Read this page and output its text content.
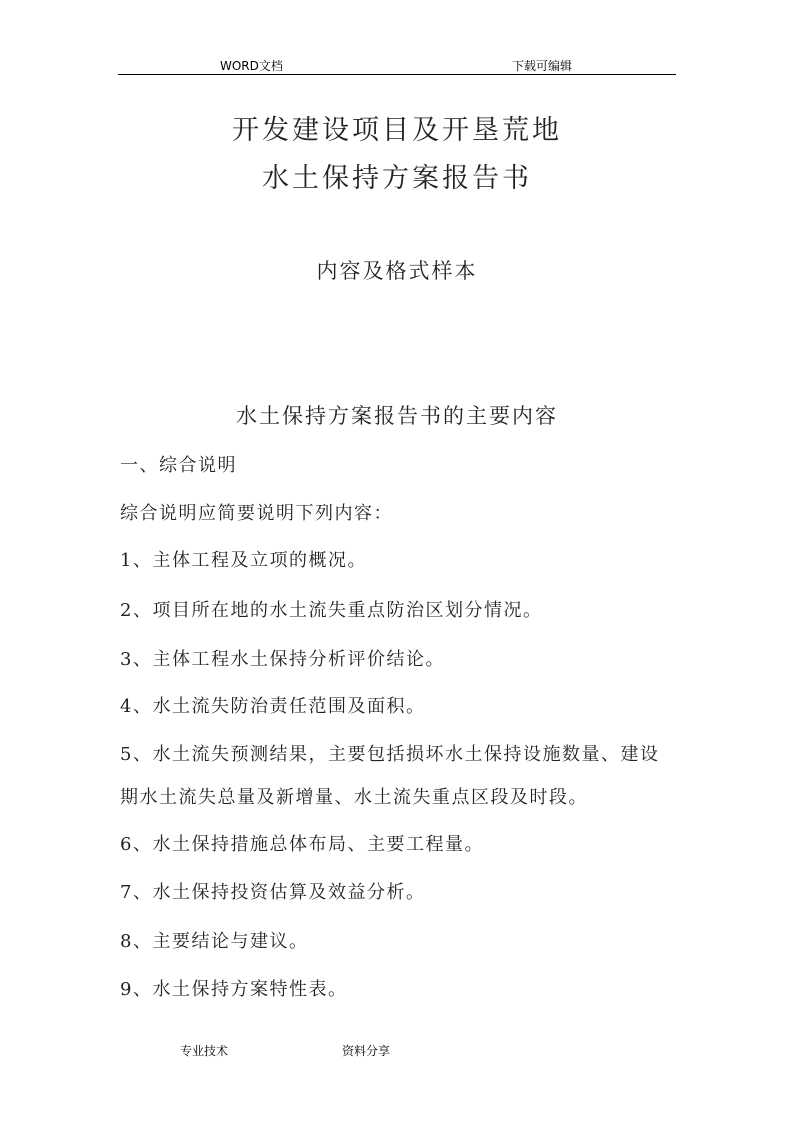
WORD文档	下载可编辑
开发建设项目及开垦荒地
水土保持方案报告书
内容及格式样本
水土保持方案报告书的主要内容
一、综合说明
综合说明应简要说明下列内容：
1、主体工程及立项的概况。
2、项目所在地的水土流失重点防治区划分情况。
3、主体工程水土保持分析评价结论。
4、水土流失防治责任范围及面积。
5、水土流失预测结果，主要包括损坏水土保持设施数量、建设
期水土流失总量及新增量、水土流失重点区段及时段。
6、水土保持措施总体布局、主要工程量。
7、水土保持投资估算及效益分析。
8、主要结论与建议。
9、水土保持方案特性表。
专业技术	资料分享
